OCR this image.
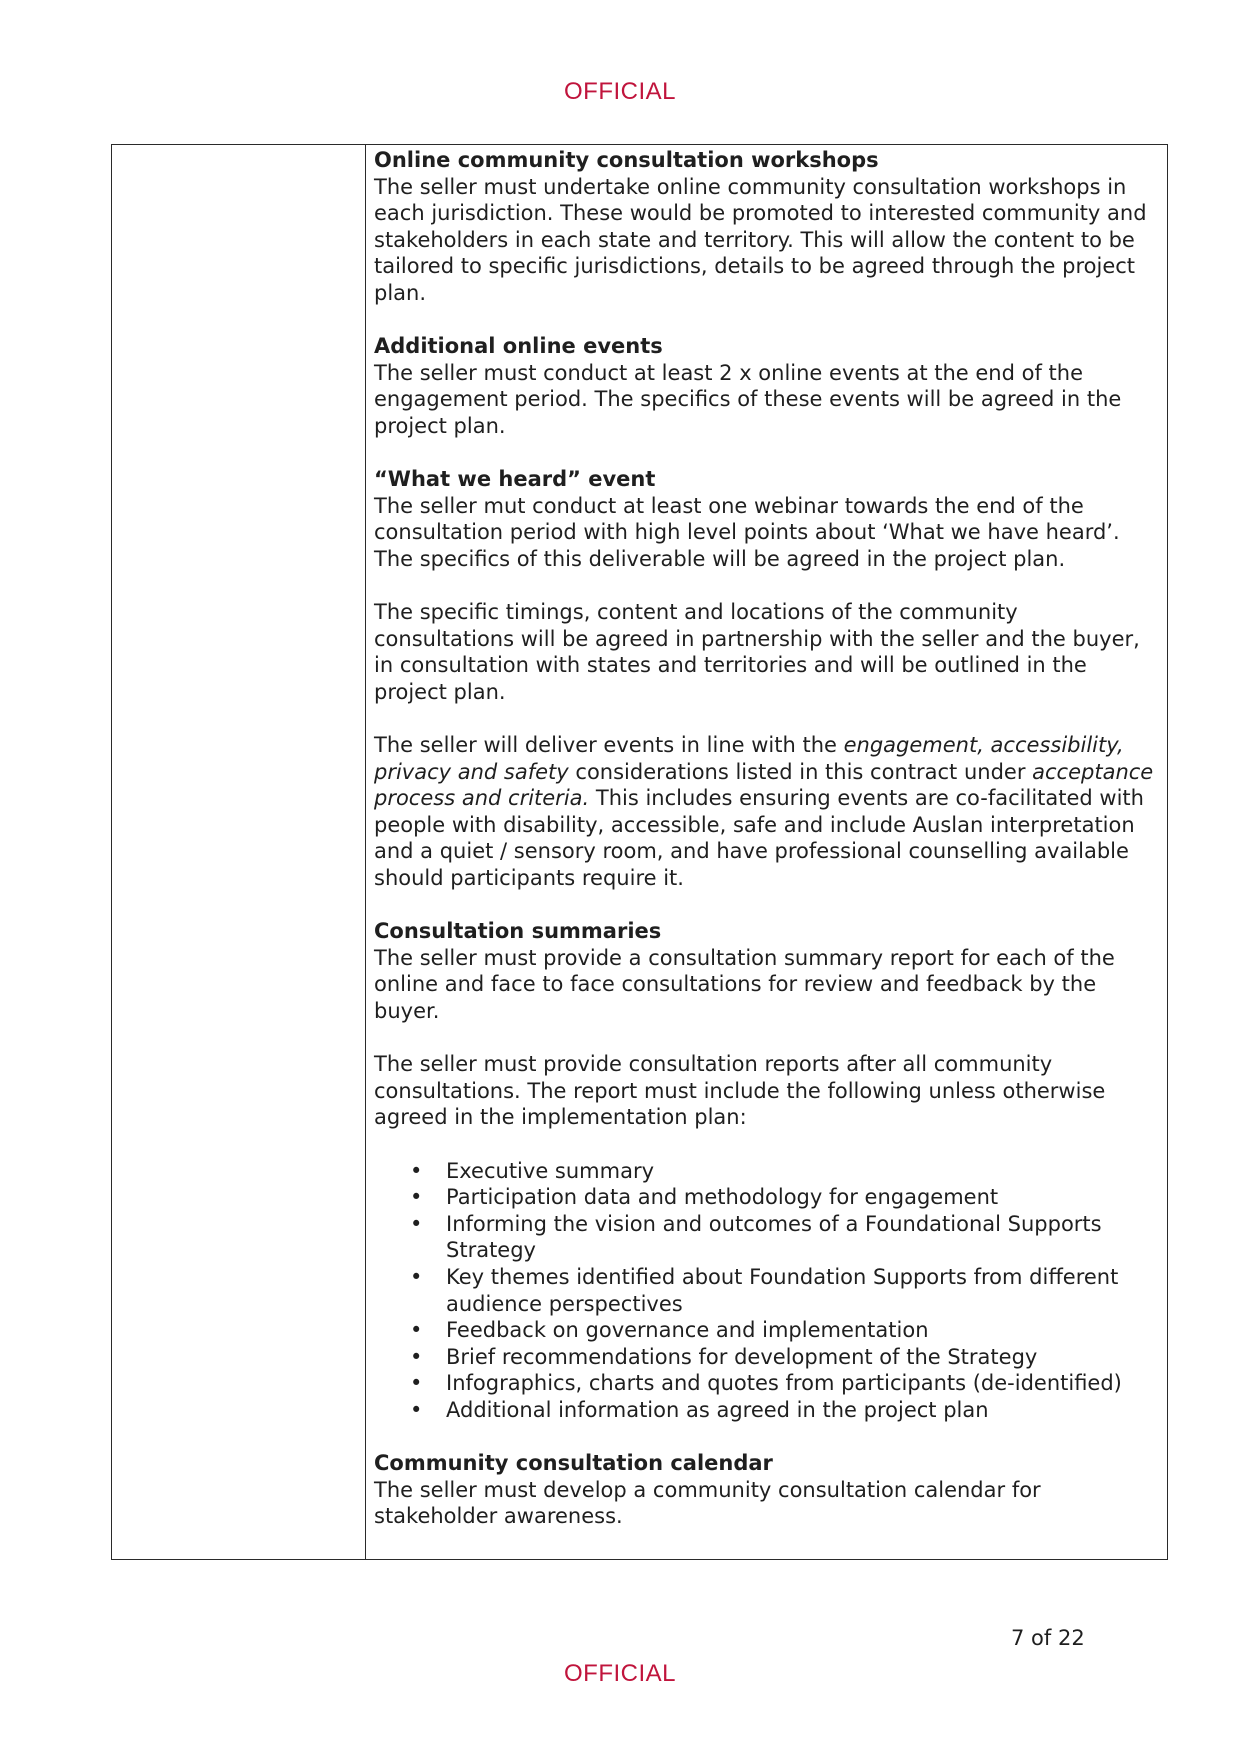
OFFICIAL
Online community consultation workshops

The seller must undertake online community consultation workshops in each jurisdiction. These would be promoted to interested community and stakeholders in each state and territory. This will allow the content to be tailored to specific jurisdictions, details to be agreed through the project plan.

Additional online events

The seller must conduct at least 2 x online events at the end of the engagement period. The specifics of these events will be agreed in the project plan.

“What we heard” event

The seller mut conduct at least one webinar towards the end of the consultation period with high level points about ‘What we have heard’. The specifics of this deliverable will be agreed in the project plan.

The specific timings, content and locations of the community consultations will be agreed in partnership with the seller and the buyer, in consultation with states and territories and will be outlined in the project plan.

The seller will deliver events in line with the engagement, accessibility, privacy and safety considerations listed in this contract under acceptance process and criteria. This includes ensuring events are co-facilitated with people with disability, accessible, safe and include Auslan interpretation and a quiet / sensory room, and have professional counselling available should participants require it.

Consultation summaries

The seller must provide a consultation summary report for each of the online and face to face consultations for review and feedback by the buyer.

The seller must provide consultation reports after all community consultations. The report must include the following unless otherwise agreed in the implementation plan:

• Executive summary
• Participation data and methodology for engagement
• Informing the vision and outcomes of a Foundational Supports Strategy
• Key themes identified about Foundation Supports from different audience perspectives
• Feedback on governance and implementation
• Brief recommendations for development of the Strategy
• Infographics, charts and quotes from participants (de-identified)
• Additional information as agreed in the project plan
Community consultation calendar

The seller must develop a community consultation calendar for stakeholder awareness.

7 of 22
OFFICIAL
